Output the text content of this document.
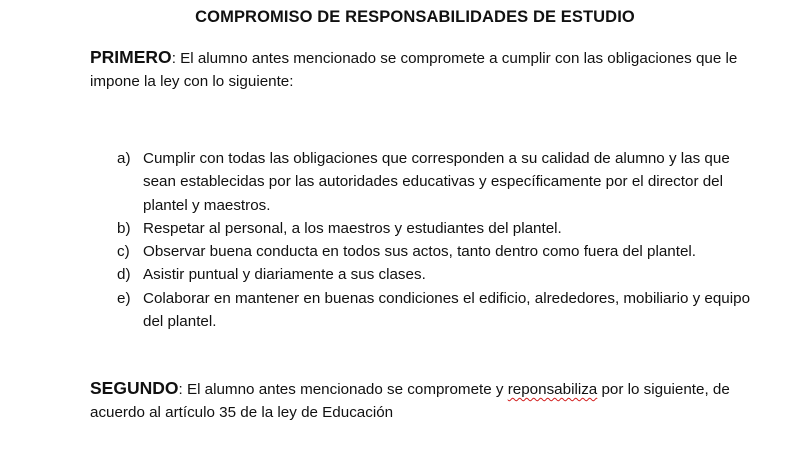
COMPROMISO DE RESPONSABILIDADES DE ESTUDIO
PRIMERO: El alumno antes mencionado se compromete a cumplir con las obligaciones que le impone la ley con lo siguiente:
a) Cumplir con todas las obligaciones que corresponden a su calidad de alumno y las que sean establecidas por las autoridades educativas y específicamente por el director del plantel y maestros.
b) Respetar al personal, a los maestros y estudiantes del plantel.
c) Observar buena conducta en todos sus actos, tanto dentro como fuera del plantel.
d) Asistir puntual y diariamente a sus clases.
e) Colaborar en mantener en buenas condiciones el edificio, alrededores, mobiliario y equipo del plantel.
SEGUNDO: El alumno antes mencionado se compromete y reponsabiliza por lo siguiente, de acuerdo al artículo 35 de la ley de Educación
